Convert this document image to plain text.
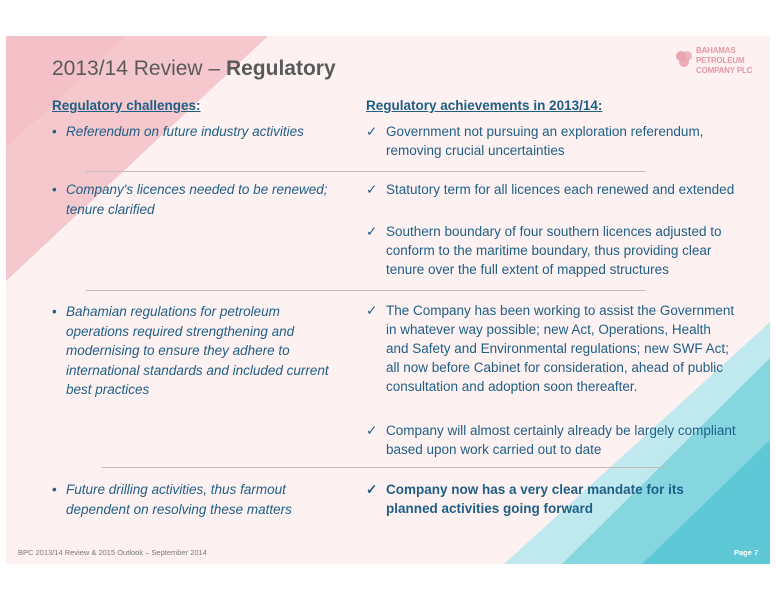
2013/14 Review – Regulatory
BAHAMAS
PETROLEUM
COMPANY PLC
Regulatory challenges:	Regulatory achievements in 2013/14:
• Referendum on future industry activities
• Company's licences needed to be renewed; tenure clarified
• Bahamian regulations for petroleum operations required strengthening and modernising to ensure they adhere to international standards and included current best practices
• Future drilling activities, thus farmout dependent on resolving these matters
✓ Government not pursuing an exploration referendum, removing crucial uncertainties
✓ Statutory term for all licences each renewed and extended
✓ Southern boundary of four southern licences adjusted to conform to the maritime boundary, thus providing clear tenure over the full extent of mapped structures
✓ The Company has been working to assist the Government in whatever way possible; new Act, Operations, Health and Safety and Environmental regulations; new SWF Act; all now before Cabinet for consideration, ahead of public consultation and adoption soon thereafter.
✓ Company will almost certainly already be largely compliant based upon work carried out to date
✓ Company now has a very clear mandate for its planned activities going forward
BPC 2013/14 Review & 2015 Outlook – September 2014	Page 7
